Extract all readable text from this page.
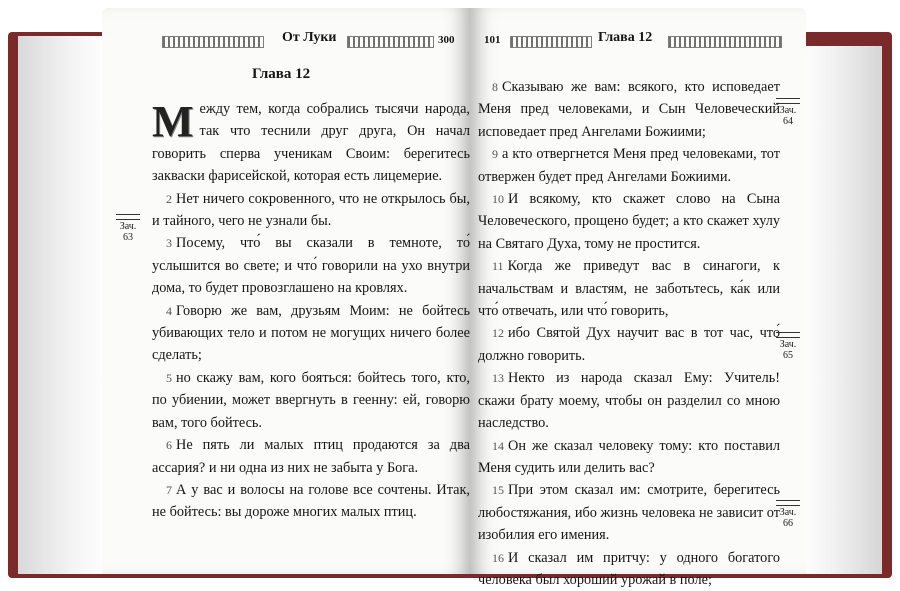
От Луки	300
Глава 12

Между тем, когда собрались тысячи народа, так что теснили друг друга, Он начал говорить сперва ученикам Своим: берегитесь закваски фарисейской, которая есть лицемерие.

2 Нет ничего сокровенного, что не открылось бы, и тайного, чего не узнали бы.

3 Посему, что́ вы сказали в темноте, то́ услышится во свете; и что́ говорили на ухо внутри дома, то будет провозглашено на кровлях.

4 Говорю же вам, друзьям Моим: не бойтесь убивающих тело и потом не могущих ничего более сделать;

5 но скажу вам, кого бояться: бойтесь того, кто, по убиении, может ввергнуть в геенну: ей, говорю вам, того бойтесь.

6 Не пять ли малых птиц продаются за два ассария? и ни одна из них не забыта у Бога.

7 А у вас и волосы на голове все сочтены. Итак, не бойтесь: вы дороже многих малых птиц.

Зач.
63
101	Глава 12

8 Сказываю же вам: всякого, кто исповедает Меня пред человеками, и Сын Человеческий исповедает пред Ангелами Божиими;

9 а кто отвергнется Меня пред человеками, тот отвержен будет пред Ангелами Божиими.

10 И всякому, кто скажет слово на Сына Человеческого, прощено будет; а кто скажет хулу на Святаго Духа, тому не простится.

11 Когда же приведут вас в синагоги, к начальствам и властям, не заботьтесь, ка́к или что́ отвечать, или что́ говорить,

12 ибо Святой Дух научит вас в тот час, что́ должно говорить.

13 Некто из народа сказал Ему: Учитель! скажи брату моему, чтобы он разделил со мною наследство.

14 Он же сказал человеку тому: кто поставил Меня судить или делить вас?

15 При этом сказал им: смотрите, берегитесь любостяжания, ибо жизнь человека не зависит от изобилия его имения.

16 И сказал им притчу: у одного богатого человека был хороший урожай в поле;

Зач.
64
Зач.
65
Зач.
66
